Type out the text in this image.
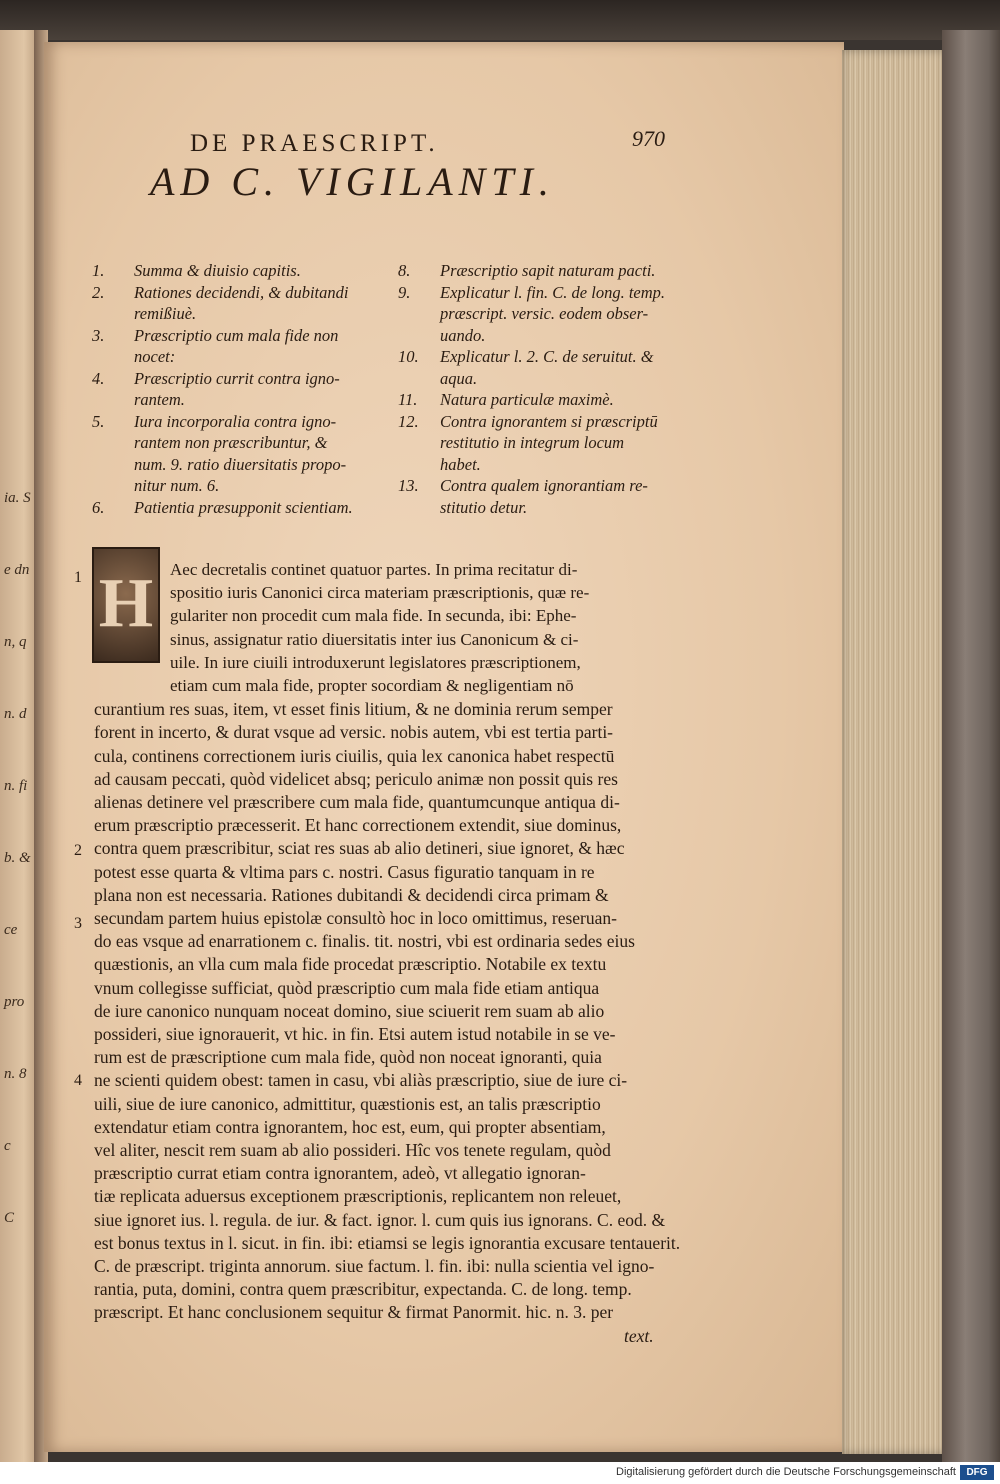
ia. S
e dn
n, q
n. d
n. fi
b. &
ce
pro
n. 8
c
C
DE PRAESCRIPT.	970
AD C. VIGILANTI.
H
1.	Summa & diuisio capitis.
2.	Rationes decidendi, & dubitandi
remißiuè.
3.	Præscriptio cum mala fide non
nocet:
4.	Præscriptio currit contra igno-
rantem.
5.	Iura incorporalia contra igno-
rantem non præscribuntur, &
num. 9. ratio diuersitatis propo-
nitur num. 6.
6.	Patientia præsupponit scientiam.
8.	Præscriptio sapit naturam pacti.
9.	Explicatur l. fin. C. de long. temp.
præscript. versic. eodem obser-
uando.
10.	Explicatur l. 2. C. de seruitut. &
aqua.
11.	Natura particulæ maximè.
12.	Contra ignorantem si præscriptū
restitutio in integrum locum
habet.
13.	Contra qualem ignorantiam re-
stitutio detur.
Aec decretalis continet quatuor partes. In prima recitatur di-
spositio iuris Canonici circa materiam præscriptionis, quæ re-
gulariter non procedit cum mala fide. In secunda, ibi: Ephe-
sinus, assignatur ratio diuersitatis inter ius Canonicum & ci-
uile. In iure ciuili introduxerunt legislatores præscriptionem,
etiam cum mala fide, propter socordiam & negligentiam nō
curantium res suas, item, vt esset finis litium, & ne dominia rerum semper
forent in incerto, & durat vsque ad versic. nobis autem, vbi est tertia parti-
cula, continens correctionem iuris ciuilis, quia lex canonica habet respectū
ad causam peccati, quòd videlicet absq; periculo animæ non possit quis res
alienas detinere vel præscribere cum mala fide, quantumcunque antiqua di-
erum præscriptio præcesserit. Et hanc correctionem extendit, siue dominus,
contra quem præscribitur, sciat res suas ab alio detineri, siue ignoret, & hæc
potest esse quarta & vltima pars c. nostri. Casus figuratio tanquam in re
plana non est necessaria. Rationes dubitandi & decidendi circa primam &
secundam partem huius epistolæ consultò hoc in loco omittimus, reseruan-
do eas vsque ad enarrationem c. finalis. tit. nostri, vbi est ordinaria sedes eius
quæstionis, an vlla cum mala fide procedat præscriptio. Notabile ex textu
vnum collegisse sufficiat, quòd præscriptio cum mala fide etiam antiqua
de iure canonico nunquam noceat domino, siue sciuerit rem suam ab alio
possideri, siue ignorauerit, vt hic. in fin. Etsi autem istud notabile in se ve-
rum est de præscriptione cum mala fide, quòd non noceat ignoranti, quia
ne scienti quidem obest: tamen in casu, vbi aliàs præscriptio, siue de iure ci-
uili, siue de iure canonico, admittitur, quæstionis est, an talis præscriptio
extendatur etiam contra ignorantem, hoc est, eum, qui propter absentiam,
vel aliter, nescit rem suam ab alio possideri. Hîc vos tenete regulam, quòd
præscriptio currat etiam contra ignorantem, adeò, vt allegatio ignoran-
tiæ replicata aduersus exceptionem præscriptionis, replicantem non releuet,
siue ignoret ius. l. regula. de iur. & fact. ignor. l. cum quis ius ignorans. C. eod. &
est bonus textus in l. sicut. in fin. ibi: etiamsi se legis ignorantia excusare tentauerit.
C. de præscript. triginta annorum. siue factum. l. fin. ibi: nulla scientia vel igno-
rantia, puta, domini, contra quem præscribitur, expectanda. C. de long. temp.
præscript. Et hanc conclusionem sequitur & firmat Panormit. hic. n. 3. per
text.
1
2
3
4
Digitalisierung gefördert durch die Deutsche Forschungsgemeinschaft	DFG
